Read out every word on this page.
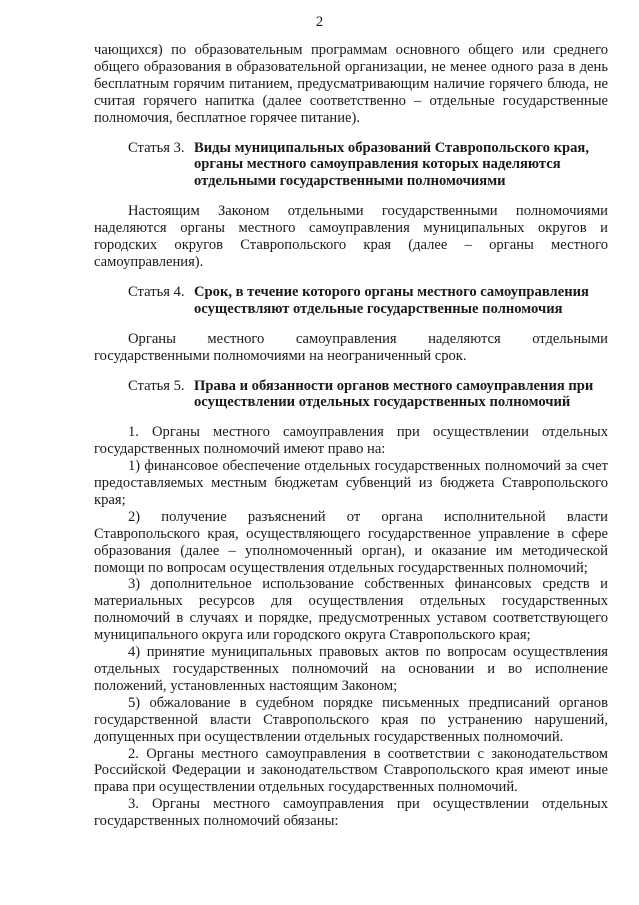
2

чающихся) по образовательным программам основного общего или среднего общего образования в образовательной организации, не менее одного раза в день бесплатным горячим питанием, предусматривающим наличие горячего блюда, не считая горячего напитка (далее соответственно – отдельные государственные полномочия, бесплатное горячее питание).

Статья 3. Виды муниципальных образований Ставропольского края, органы местного самоуправления которых наделяются отдельными государственными полномочиями

Настоящим Законом отдельными государственными полномочиями наделяются органы местного самоуправления муниципальных округов и городских округов Ставропольского края (далее – органы местного самоуправления).

Статья 4. Срок, в течение которого органы местного самоуправления осуществляют отдельные государственные полномочия

Органы местного самоуправления наделяются отдельными государственными полномочиями на неограниченный срок.

Статья 5. Права и обязанности органов местного самоуправления при осуществлении отдельных государственных полномочий

1. Органы местного самоуправления при осуществлении отдельных государственных полномочий имеют право на:

1) финансовое обеспечение отдельных государственных полномочий за счет предоставляемых местным бюджетам субвенций из бюджета Ставропольского края;

2) получение разъяснений от органа исполнительной власти Ставропольского края, осуществляющего государственное управление в сфере образования (далее – уполномоченный орган), и оказание им методической помощи по вопросам осуществления отдельных государственных полномочий;

3) дополнительное использование собственных финансовых средств и материальных ресурсов для осуществления отдельных государственных полномочий в случаях и порядке, предусмотренных уставом соответствующего муниципального округа или городского округа Ставропольского края;

4) принятие муниципальных правовых актов по вопросам осуществления отдельных государственных полномочий на основании и во исполнение положений, установленных настоящим Законом;

5) обжалование в судебном порядке письменных предписаний органов государственной власти Ставропольского края по устранению нарушений, допущенных при осуществлении отдельных государственных полномочий.

2. Органы местного самоуправления в соответствии с законодательством Российской Федерации и законодательством Ставропольского края имеют иные права при осуществлении отдельных государственных полномочий.

3. Органы местного самоуправления при осуществлении отдельных государственных полномочий обязаны:
